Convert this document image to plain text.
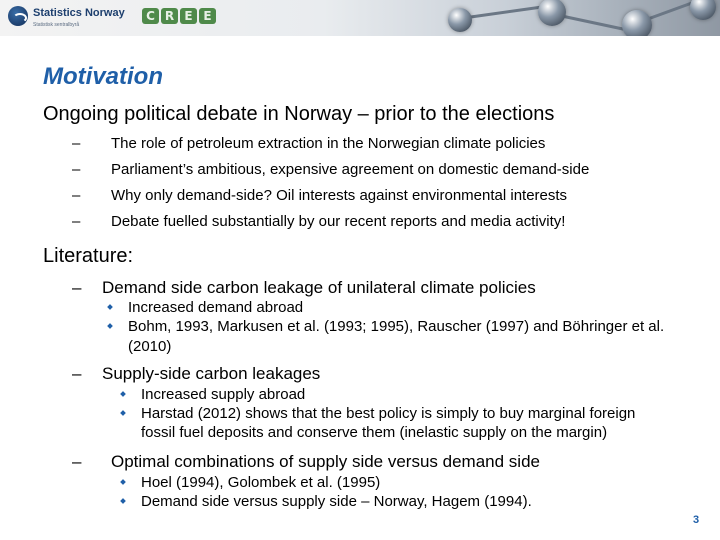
Statistics Norway
Statistisk sentralbyrå
C R E E
Motivation
Ongoing political debate in Norway – prior to the elections
– The role of petroleum extraction in the Norwegian climate policies
– Parliament’s ambitious, expensive agreement on domestic demand-side
– Why only demand-side? Oil interests against environmental interests
– Debate fuelled substantially by our recent reports and media activity!
Literature:
– Demand side carbon leakage of unilateral climate policies
Increased demand abroad
Bohm, 1993, Markusen et al. (1993; 1995), Rauscher (1997) and Böhringer et al.
(2010)
– Supply-side carbon leakages
Increased supply abroad
Harstad (2012) shows that the best policy is simply to buy marginal foreign
fossil fuel deposits and conserve them (inelastic supply on the margin)
– Optimal combinations of supply side versus demand side
Hoel (1994), Golombek et al. (1995)
Demand side versus supply side – Norway, Hagem (1994).
3
